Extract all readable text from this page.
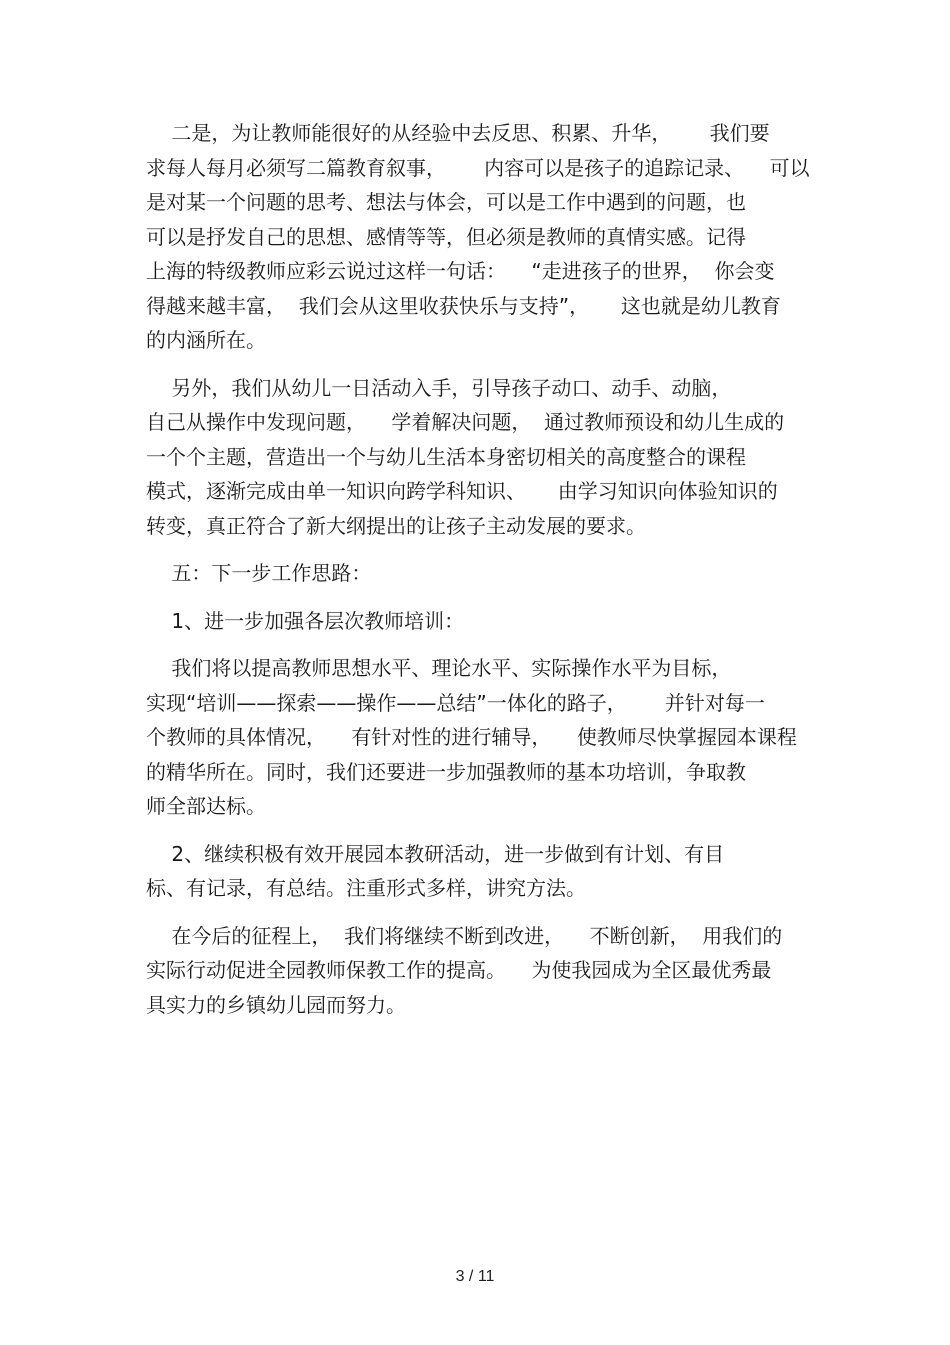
二是，为让教师能很好的从经验中去反思、积累、升华，      我们要
求每人每月必须写二篇教育叙事，      内容可以是孩子的追踪记录、    可以
是对某一个问题的思考、想法与体会，可以是工作中遇到的问题，也
可以是抒发自己的思想、感情等等，但必须是教师的真情实感。记得
上海的特级教师应彩云说过这样一句话：    “走进孩子的世界，  你会变
得越来越丰富，  我们会从这里收获快乐与支持”，     这也就是幼儿教育
的内涵所在。
另外，我们从幼儿一日活动入手，引导孩子动口、动手、动脑，
自己从操作中发现问题，    学着解决问题，  通过教师预设和幼儿生成的
一个个主题，营造出一个与幼儿生活本身密切相关的高度整合的课程
模式，逐渐完成由单一知识向跨学科知识、     由学习知识向体验知识的
转变，真正符合了新大纲提出的让孩子主动发展的要求。
五：下一步工作思路：
1、进一步加强各层次教师培训：
我们将以提高教师思想水平、理论水平、实际操作水平为目标，
实现“培训——探索——操作——总结”一体化的路子，      并针对每一
个教师的具体情况，    有针对性的进行辅导，    使教师尽快掌握园本课程
的精华所在。同时，我们还要进一步加强教师的基本功培训，争取教
师全部达标。
2、继续积极有效开展园本教研活动，进一步做到有计划、有目
标、有记录，有总结。注重形式多样，讲究方法。
在今后的征程上，  我们将继续不断到改进，    不断创新，  用我们的
实际行动促进全园教师保教工作的提高。    为使我园成为全区最优秀最
具实力的乡镇幼儿园而努力。
3 / 11
